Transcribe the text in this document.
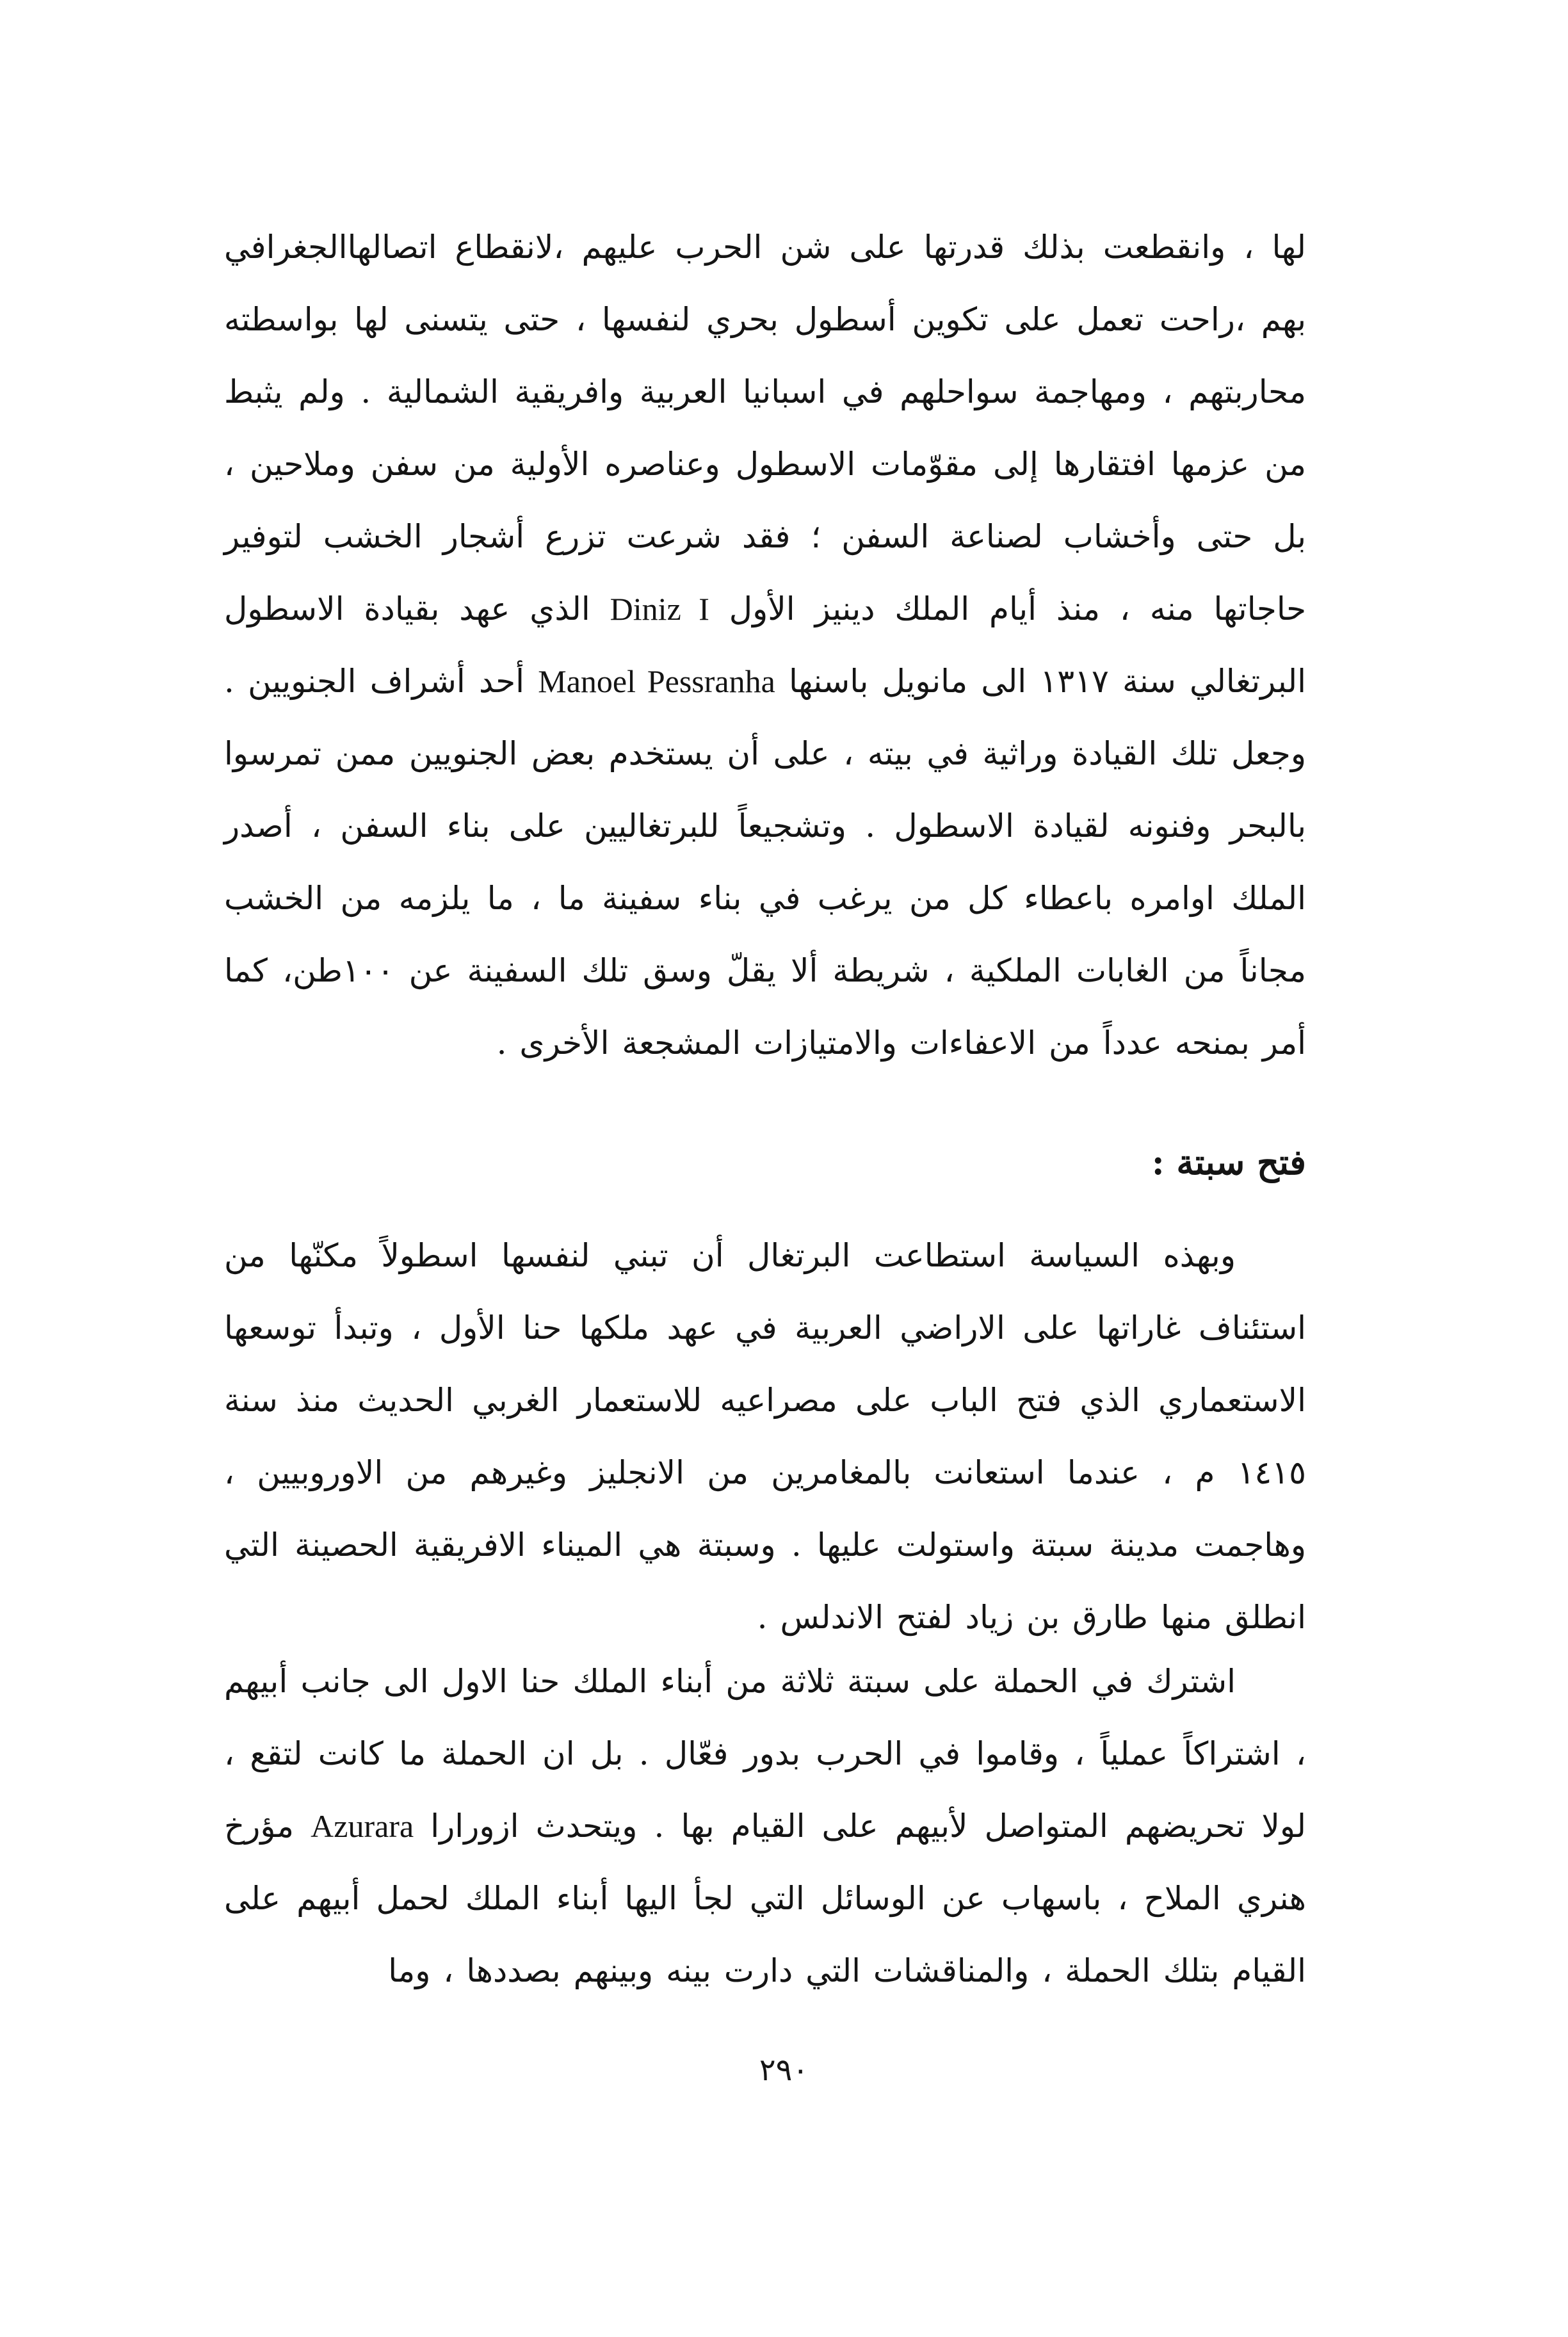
لها ، وانقطعت بذلك قدرتها على شن الحرب عليهم ،لانقطاع اتصالهاالجغرافي بهم ،راحت تعمل على تكوين أسطول بحري لنفسها ، حتى يتسنى لها بواسطته محاربتهم ، ومهاجمة سواحلهم في اسبانيا العربية وافريقية الشمالية . ولم يثبط من عزمها افتقارها إلى مقوّمات الاسطول وعناصره الأولية من سفن وملاحين ، بل حتى وأخشاب لصناعة السفن ؛ فقد شرعت تزرع أشجار الخشب لتوفير حاجاتها منه ، منذ أيام الملك دينيز الأول Diniz I الذي عهد بقيادة الاسطول البرتغالي سنة ١٣١٧ الى مانويل باسنها Manoel Pessranha أحد أشراف الجنويين . وجعل تلك القيادة وراثية في بيته ، على أن يستخدم بعض الجنويين ممن تمرسوا بالبحر وفنونه لقيادة الاسطول . وتشجيعاً للبرتغاليين على بناء السفن ، أصدر الملك اوامره باعطاء كل من يرغب في بناء سفينة ما ، ما يلزمه من الخشب مجاناً من الغابات الملكية ، شريطة ألا يقلّ وسق تلك السفينة عن ١٠٠طن، كما أمر بمنحه عدداً من الاعفاءات والامتيازات المشجعة الأخرى .

فتح سبتة :

وبهذه السياسة استطاعت البرتغال أن تبني لنفسها اسطولاً مكنّها من استئناف غاراتها على الاراضي العربية في عهد ملكها حنا الأول ، وتبدأ توسعها الاستعماري الذي فتح الباب على مصراعيه للاستعمار الغربي الحديث منذ سنة ١٤١٥ م ، عندما استعانت بالمغامرين من الانجليز وغيرهم من الاوروبيين ، وهاجمت مدينة سبتة واستولت عليها . وسبتة هي الميناء الافريقية الحصينة التي انطلق منها طارق بن زياد لفتح الاندلس .

اشترك في الحملة على سبتة ثلاثة من أبناء الملك حنا الاول الى جانب أبيهم ، اشتراكاً عملياً ، وقاموا في الحرب بدور فعّال . بل ان الحملة ما كانت لتقع ، لولا تحريضهم المتواصل لأبيهم على القيام بها . ويتحدث ازورارا Azurara مؤرخ هنري الملاح ، باسهاب عن الوسائل التي لجأ اليها أبناء الملك لحمل أبيهم على القيام بتلك الحملة ، والمناقشات التي دارت بينه وبينهم بصددها ، وما

٢٩٠
